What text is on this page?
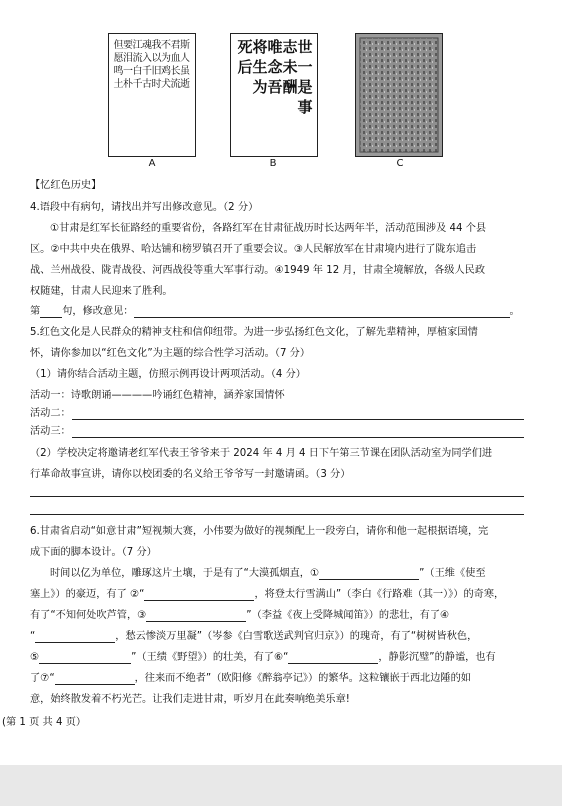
斯
人
虽
逝
君
血
长
流
不
为
鸡
犬
我
以
旧
时
魂
入
千
古
江
流
白
千
要
泪
一
朴
但
愿
鸣
土
世
一
是
事
志
未
酬
唯
念
吾
将
生
为
死
后
A	B	C
【忆红色历史】
4.语段中有病句，请找出并写出修改意见。（2 分）
①甘肃是红军长征路经的重要省份，各路红军在甘肃征战历时长达两年半，活动范围涉及 44 个县
区。②中共中央在俄界、哈达铺和榜罗镇召开了重要会议。③人民解放军在甘肃境内进行了陇东追击
战、兰州战役、陇青战役、河西战役等重大军事行动。④1949 年 12 月，甘肃全境解放，各级人民政
权随建，甘肃人民迎来了胜利。
第 句，修改意见：	。
5.红色文化是人民群众的精神支柱和信仰纽带。为进一步弘扬红色文化，了解先辈精神，厚植家国情
怀，请你参加以“红色文化”为主题的综合性学习活动。（7 分）
（1）请你结合活动主题，仿照示例再设计两项活动。（4 分）
活动一：诗歌朗诵————吟诵红色精神，涵养家国情怀
活动二：
活动三：
（2）学校决定将邀请老红军代表王爷爷来于 2024 年 4 月 4 日下午第三节课在团队活动室为同学们进
行革命故事宣讲，请你以校团委的名义给王爷爷写一封邀请函。（3 分）
6.甘肃省启动“如意甘肃”短视频大赛，小伟要为做好的视频配上一段旁白，请你和他一起根据语境，完
成下面的脚本设计。（7 分）
时间以亿为单位，雕琢这片土壤，于是有了“大漠孤烟直，①	”（王维《使至
塞上》）的豪迈，有了 ②“	，将登太行雪满山”（李白《行路难（其一）》）的奇寒，
有了“不知何处吹芦管，③	”（李益《夜上受降城闻笛》）的悲壮，有了④
“	，愁云惨淡万里凝”（岑参《白雪歌送武判官归京》）的瑰奇，有了“树树皆秋色，
⑤	”（王绩《野望》）的壮美，有了⑥“	，静影沉璧”的静谧，也有
了⑦“	，往来而不绝者”（欧阳修《醉翁亭记》）的繁华。这粒镶嵌于西北边陲的如
意，始终散发着不朽光芒。让我们走进甘肃，听岁月在此奏响绝美乐章!
(第 1 页 共 4 页）
